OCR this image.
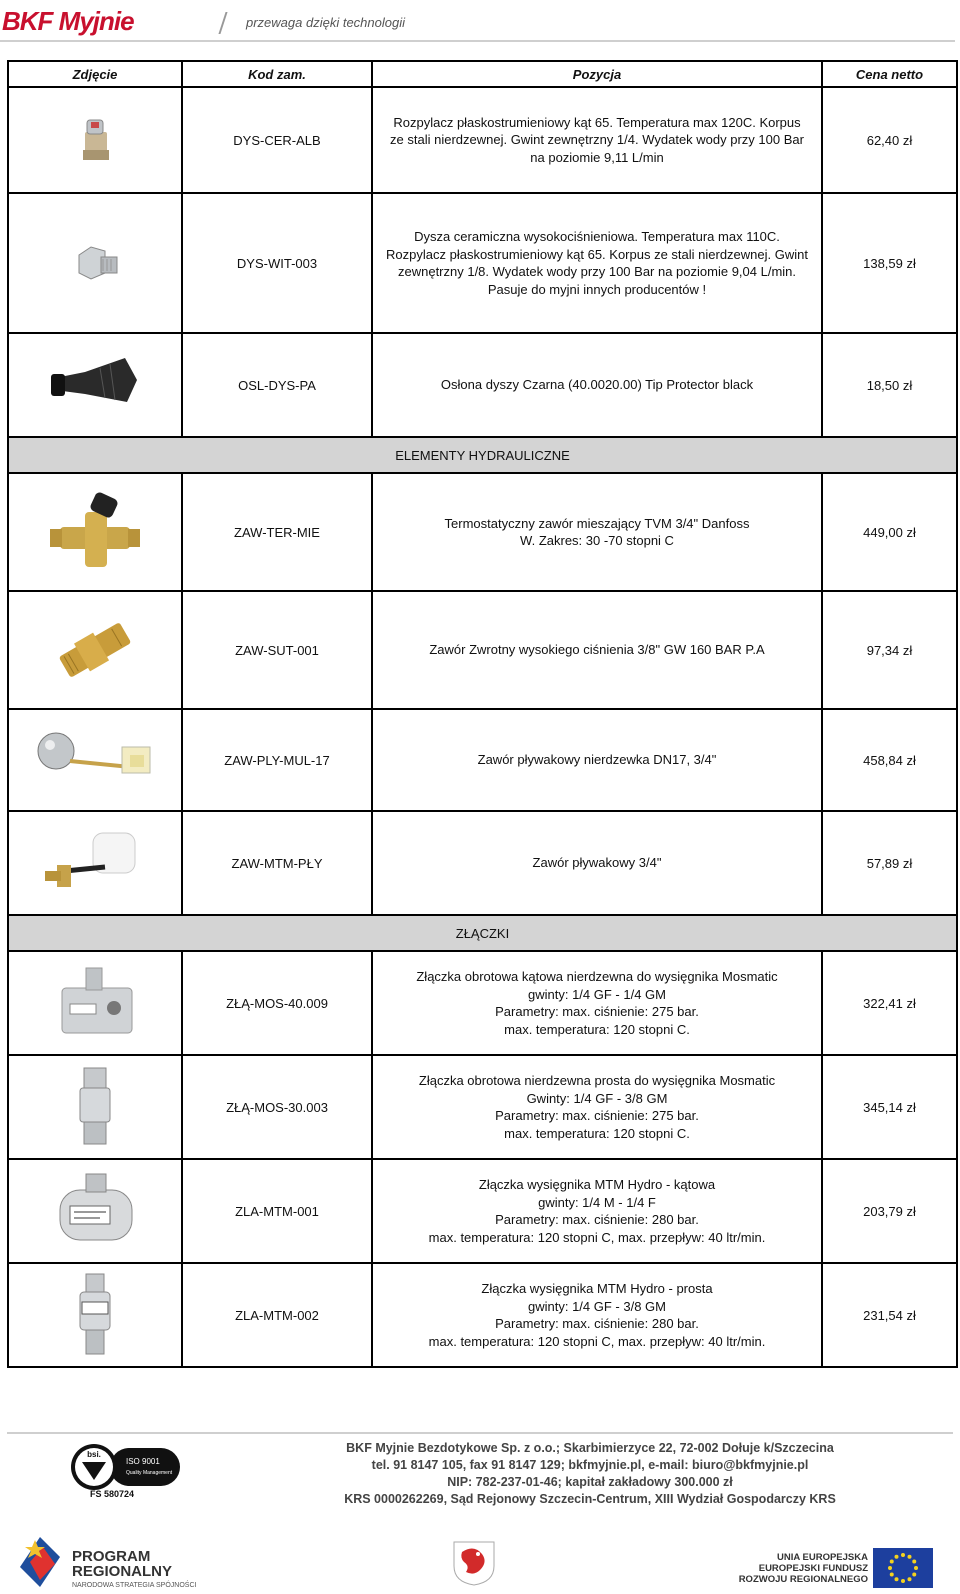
BKF Myjnie	przewaga dzięki technologii
Zdjęcie	Kod zam.	Pozycja	Cena netto

	DYS-CER-ALB	Rozpylacz płaskostrumieniowy kąt 65. Temperatura max 120C. Korpus
ze stali nierdzewnej. Gwint zewnętrzny 1/4. Wydatek wody przy 100 Bar
na poziomie 9,11 L/min	62,40 zł

	DYS-WIT-003	Dysza ceramiczna wysokociśnieniowa. Temperatura max 110C.
Rozpylacz płaskostrumieniowy kąt 65. Korpus ze stali nierdzewnej. Gwint
zewnętrzny 1/8. Wydatek wody przy 100 Bar na poziomie 9,04 L/min.
Pasuje do myjni innych producentów !	138,59 zł

	OSL-DYS-PA	Osłona dyszy Czarna (40.0020.00) Tip Protector black	18,50 zł
ELEMENTY HYDRAULICZNE			

	ZAW-TER-MIE	Termostatyczny zawór mieszający TVM 3/4" Danfoss
W. Zakres: 30 -70 stopni C	449,00 zł

	ZAW-SUT-001	Zawór Zwrotny wysokiego ciśnienia 3/8" GW 160 BAR P.A	97,34 zł

	ZAW-PLY-MUL-17	Zawór pływakowy nierdzewka DN17, 3/4"	458,84 zł

	ZAW-MTM-PŁY	Zawór pływakowy 3/4"	57,89 zł
ZŁĄCZKI			

	ZŁĄ-MOS-40.009	Złączka obrotowa kątowa nierdzewna do wysięgnika Mosmatic
gwinty: 1/4 GF - 1/4 GM
Parametry: max. ciśnienie: 275 bar.
max. temperatura: 120 stopni C.	322,41 zł

	ZŁĄ-MOS-30.003	Złączka obrotowa nierdzewna prosta do wysięgnika Mosmatic
Gwinty: 1/4 GF - 3/8 GM
Parametry: max. ciśnienie: 275 bar.
max. temperatura: 120 stopni C.	345,14 zł

	ZLA-MTM-001	Złączka wysięgnika MTM Hydro - kątowa
gwinty: 1/4 M - 1/4 F
Parametry: max. ciśnienie: 280 bar.
max. temperatura: 120 stopni C, max. przepływ: 40 ltr/min.	203,79 zł

	ZLA-MTM-002	Złączka wysięgnika MTM Hydro - prosta
gwinty: 1/4 GF - 3/8 GM
Parametry: max. ciśnienie: 280 bar.
max. temperatura: 120 stopni C, max. przepływ: 40 ltr/min.	231,54 zł
bsi.
ISO 9001
Quality Management
FS 580724
BKF Myjnie Bezdotykowe Sp. z o.o.; Skarbimierzyce 22, 72-002 Dołuje k/Szczecina
tel. 91 8147 105, fax 91 8147 129; bkfmyjnie.pl, e-mail: biuro@bkfmyjnie.pl
NIP: 782-237-01-46; kapitał zakładowy 300.000 zł
KRS 0000262269, Sąd Rejonowy Szczecin-Centrum, XIII Wydział Gospodarczy KRS
PROGRAM
REGIONALNY
NARODOWA STRATEGIA SPÓJNOŚCI
UNIA EUROPEJSKA
EUROPEJSKI FUNDUSZ
ROZWOJU REGIONALNEGO
